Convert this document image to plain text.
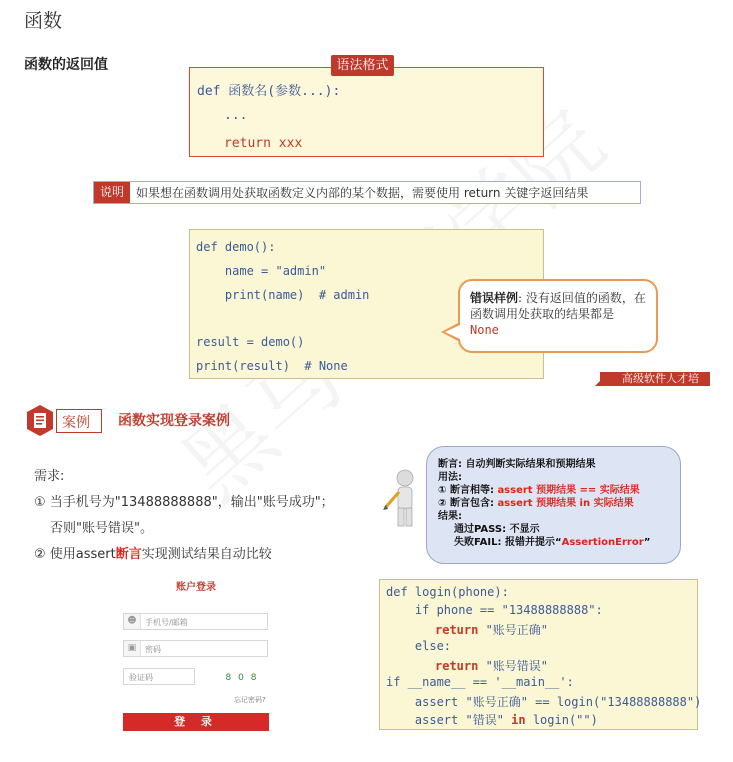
函数
函数的返回值
def 函数名(参数...):
...
return xxx
语法格式
说明	如果想在函数调用处获取函数定义内部的某个数据，需要使用 return 关键字返回结果
def demo():
name = "admin"
print(name)  # admin
result = demo()
print(result)  # None
错误样例: 没有返回值的函数，在函数调用处获取的结果都是
None
高级软件人才培
案例 函数实现登录案例
需求:
① 当手机号为"13488888888"，输出"账号成功"；
否则"账号错误"。
② 使用assert断言实现测试结果自动比较
账户登录
☻	手机号/邮箱
▣	密码
验证码	8 0 8
忘记密码?
登 录
断言: 自动判断实际结果和预期结果
用法:
① 断言相等: assert 预期结果 == 实际结果
② 断言包含: assert 预期结果 in 实际结果
结果:
通过PASS: 不显示
失败FAIL: 报错并提示“AssertionError”
def login(phone):
if phone == "13488888888":
return "账号正确"
else:
return "账号错误"
if __name__ == '__main__':
assert "账号正确" == login("13488888888")
assert "错误" in login("")
